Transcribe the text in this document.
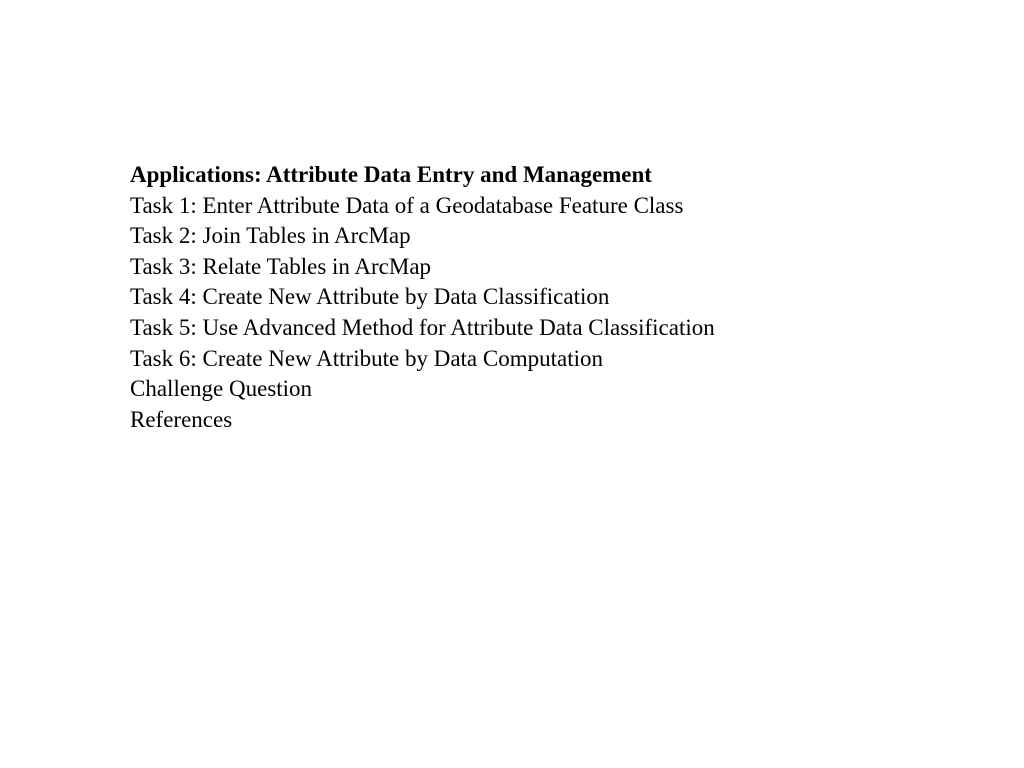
Applications: Attribute Data Entry and Management
Task 1: Enter Attribute Data of a Geodatabase Feature Class
Task 2: Join Tables in ArcMap
Task 3: Relate Tables in ArcMap
Task 4: Create New Attribute by Data Classification
Task 5: Use Advanced Method for Attribute Data Classification
Task 6: Create New Attribute by Data Computation
Challenge Question
References
